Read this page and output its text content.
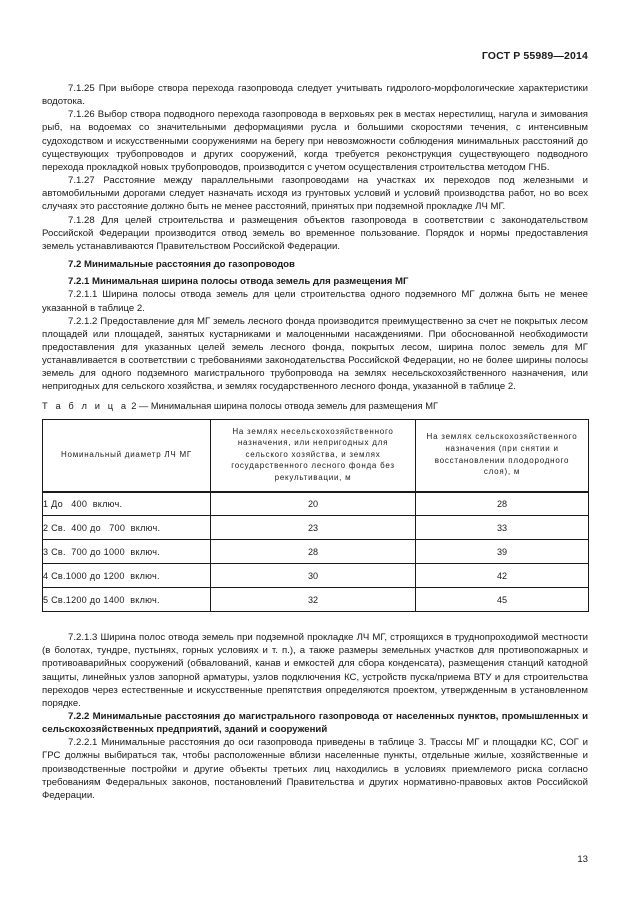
ГОСТ Р 55989—2014

7.1.25 При выборе створа перехода газопровода следует учитывать гидролого-морфологические характеристики водотока.

7.1.26 Выбор створа подводного перехода газопровода в верховьях рек в местах нерестилищ, нагула и зимования рыб, на водоемах со значительными деформациями русла и большими скоростями течения, с интенсивным судоходством и искусственными сооружениями на берегу при невозможности соблюдения минимальных расстояний до существующих трубопроводов и других сооружений, когда требуется реконструкция существующего подводного перехода прокладкой новых трубопроводов, производится с учетом осуществления строительства методом ГНБ.

7.1.27 Расстояние между параллельными газопроводами на участках их переходов под железными и автомобильными дорогами следует назначать исходя из грунтовых условий и условий производства работ, но во всех случаях это расстояние должно быть не менее расстояний, принятых при подземной прокладке ЛЧ МГ.

7.1.28 Для целей строительства и размещения объектов газопровода в соответствии с законодательством Российской Федерации производится отвод земель во временное пользование. Порядок и нормы предоставления земель устанавливаются Правительством Российской Федерации.

7.2 Минимальные расстояния до газопроводов

7.2.1 Минимальная ширина полосы отвода земель для размещения МГ

7.2.1.1 Ширина полосы отвода земель для цели строительства одного подземного МГ должна быть не менее указанной в таблице 2.

7.2.1.2 Предоставление для МГ земель лесного фонда производится преимущественно за счет не покрытых лесом площадей или площадей, занятых кустарниками и малоценными насаждениями. При обоснованной необходимости предоставления для указанных целей земель лесного фонда, покрытых лесом, ширина полос земель для МГ устанавливается в соответствии с требованиями законодательства Российской Федерации, но не более ширины полосы земель для одного подземного магистрального трубопровода на землях несельскохозяйственного назначения, или непригодных для сельского хозяйства, и землях государственного лесного фонда, указанной в таблице 2.

Т а б л и ц а 2 — Минимальная ширина полосы отвода земель для размещения МГ

Номинальный диаметр ЛЧ МГ	На землях несельскохозяйственного назначения, или непригодных для сельского хозяйства, и землях государственного лесного фонда без рекультивации, м	На землях сельскохозяйственного назначения (при снятии и восстановлении плодородного слоя), м
1 До   400  включ.	20	28
2 Св.  400 до   700  включ.	23	33
3 Св.  700 до 1000  включ.	28	39
4 Св.1000 до 1200  включ.	30	42
5 Св.1200 до 1400  включ.	32	45

7.2.1.3 Ширина полос отвода земель при подземной прокладке ЛЧ МГ, строящихся в труднопроходимой местности (в болотах, тундре, пустынях, горных условиях и т. п.), а также размеры земельных участков для противопожарных и противоаварийных сооружений (обвалований, канав и емкостей для сбора конденсата), размещения станций катодной защиты, линейных узлов запорной арматуры, узлов подключения КС, устройств пуска/приема ВТУ и для строительства переходов через естественные и искусственные препятствия определяются проектом, утвержденным в установленном порядке.

7.2.2 Минимальные расстояния до магистрального газопровода от населенных пунктов, промышленных и сельскохозяйственных предприятий, зданий и сооружений

7.2.2.1 Минимальные расстояния до оси газопровода приведены в таблице 3. Трассы МГ и площадки КС, СОГ и ГРС должны выбираться так, чтобы расположенные вблизи населенные пункты, отдельные жилые, хозяйственные и производственные постройки и другие объекты третьих лиц находились в условиях приемлемого риска согласно требованиям Федеральных законов, постановлений Правительства и других нормативно-правовых актов Российской Федерации.

13
